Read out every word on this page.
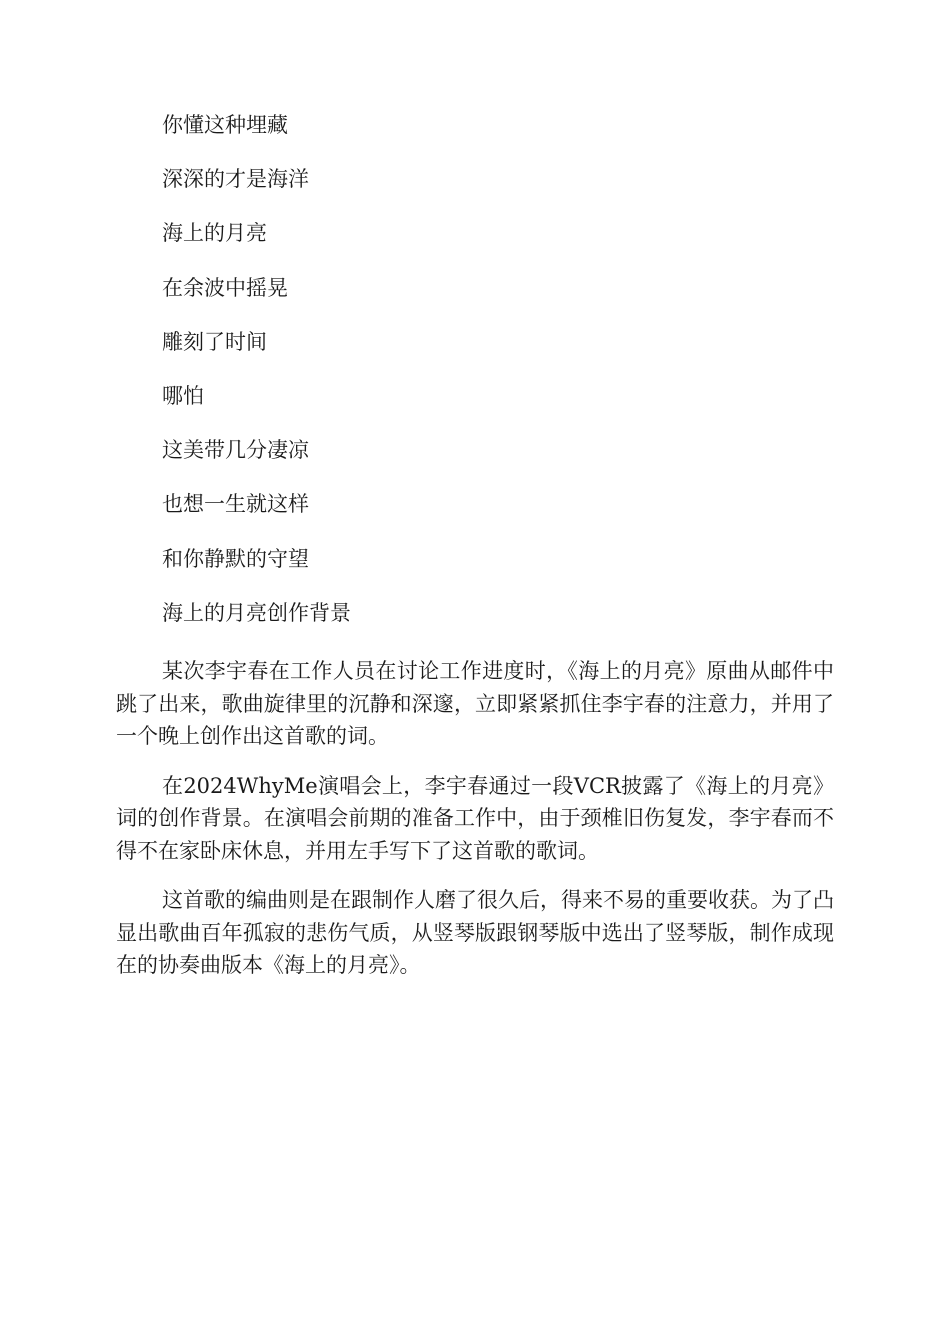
你懂这种埋藏
深深的才是海洋
海上的月亮
在余波中摇晃
雕刻了时间
哪怕
这美带几分凄凉
也想一生就这样
和你静默的守望
海上的月亮创作背景

某次李宇春在工作人员在讨论工作进度时，《海上的月亮》原曲从邮件中跳了出来，歌曲旋律里的沉静和深邃，立即紧紧抓住李宇春的注意力，并用了一个晚上创作出这首歌的词。

在2024WhyMe演唱会上，李宇春通过一段VCR披露了《海上的月亮》词的创作背景。在演唱会前期的准备工作中，由于颈椎旧伤复发，李宇春而不得不在家卧床休息，并用左手写下了这首歌的歌词。

这首歌的编曲则是在跟制作人磨了很久后，得来不易的重要收获。为了凸显出歌曲百年孤寂的悲伤气质，从竖琴版跟钢琴版中选出了竖琴版，制作成现在的协奏曲版本《海上的月亮》。
